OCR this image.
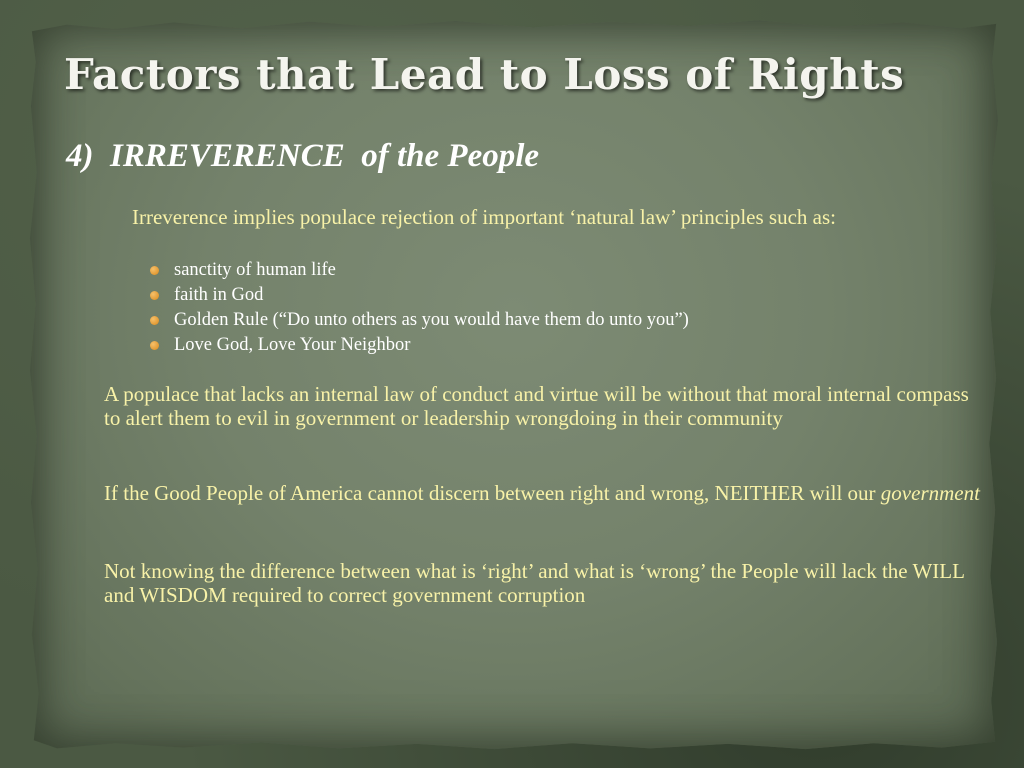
Factors that Lead to Loss of Rights
4)  IRREVERENCE  of the People

Irreverence implies populace rejection of important ‘natural law’ principles such as:

sanctity of human life
faith in God
Golden Rule (“Do unto others as you would have them do unto you”)
Love God, Love Your Neighbor

A populace that lacks an internal law of conduct and virtue will be without that moral internal compass to alert them to evil in government or leadership wrongdoing in their community

If the Good People of America cannot discern between right and wrong, NEITHER will our government

Not knowing the difference between what is ‘right’ and what is ‘wrong’ the People will lack the WILL and WISDOM required to correct government corruption
